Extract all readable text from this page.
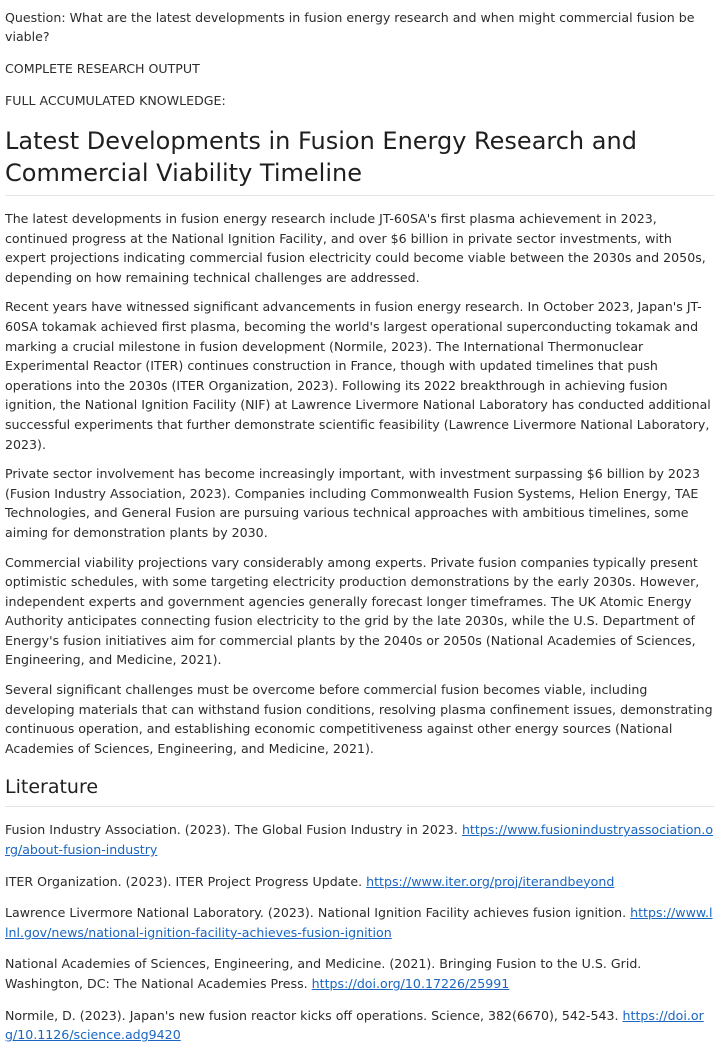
Question: What are the latest developments in fusion energy research and when might commercial fusion be viable?

COMPLETE RESEARCH OUTPUT

FULL ACCUMULATED KNOWLEDGE:

Latest Developments in Fusion Energy Research and Commercial Viability Timeline

The latest developments in fusion energy research include JT-60SA's first plasma achievement in 2023, continued progress at the National Ignition Facility, and over $6 billion in private sector investments, with expert projections indicating commercial fusion electricity could become viable between the 2030s and 2050s, depending on how remaining technical challenges are addressed.

Recent years have witnessed significant advancements in fusion energy research. In October 2023, Japan's JT-60SA tokamak achieved first plasma, becoming the world's largest operational superconducting tokamak and marking a crucial milestone in fusion development (Normile, 2023). The International Thermonuclear Experimental Reactor (ITER) continues construction in France, though with updated timelines that push operations into the 2030s (ITER Organization, 2023). Following its 2022 breakthrough in achieving fusion ignition, the National Ignition Facility (NIF) at Lawrence Livermore National Laboratory has conducted additional successful experiments that further demonstrate scientific feasibility (Lawrence Livermore National Laboratory, 2023).

Private sector involvement has become increasingly important, with investment surpassing $6 billion by 2023 (Fusion Industry Association, 2023). Companies including Commonwealth Fusion Systems, Helion Energy, TAE Technologies, and General Fusion are pursuing various technical approaches with ambitious timelines, some aiming for demonstration plants by 2030.

Commercial viability projections vary considerably among experts. Private fusion companies typically present optimistic schedules, with some targeting electricity production demonstrations by the early 2030s. However, independent experts and government agencies generally forecast longer timeframes. The UK Atomic Energy Authority anticipates connecting fusion electricity to the grid by the late 2030s, while the U.S. Department of Energy's fusion initiatives aim for commercial plants by the 2040s or 2050s (National Academies of Sciences, Engineering, and Medicine, 2021).

Several significant challenges must be overcome before commercial fusion becomes viable, including developing materials that can withstand fusion conditions, resolving plasma confinement issues, demonstrating continuous operation, and establishing economic competitiveness against other energy sources (National Academies of Sciences, Engineering, and Medicine, 2021).

Literature

Fusion Industry Association. (2023). The Global Fusion Industry in 2023. https://www.fusionindustryassociation.org/about-fusion-industry

ITER Organization. (2023). ITER Project Progress Update. https://www.iter.org/proj/iterandbeyond

Lawrence Livermore National Laboratory. (2023). National Ignition Facility achieves fusion ignition. https://www.llnl.gov/news/national-ignition-facility-achieves-fusion-ignition

National Academies of Sciences, Engineering, and Medicine. (2021). Bringing Fusion to the U.S. Grid. Washington, DC: The National Academies Press. https://doi.org/10.17226/25991

Normile, D. (2023). Japan's new fusion reactor kicks off operations. Science, 382(6670), 542-543. https://doi.org/10.1126/science.adg9420
